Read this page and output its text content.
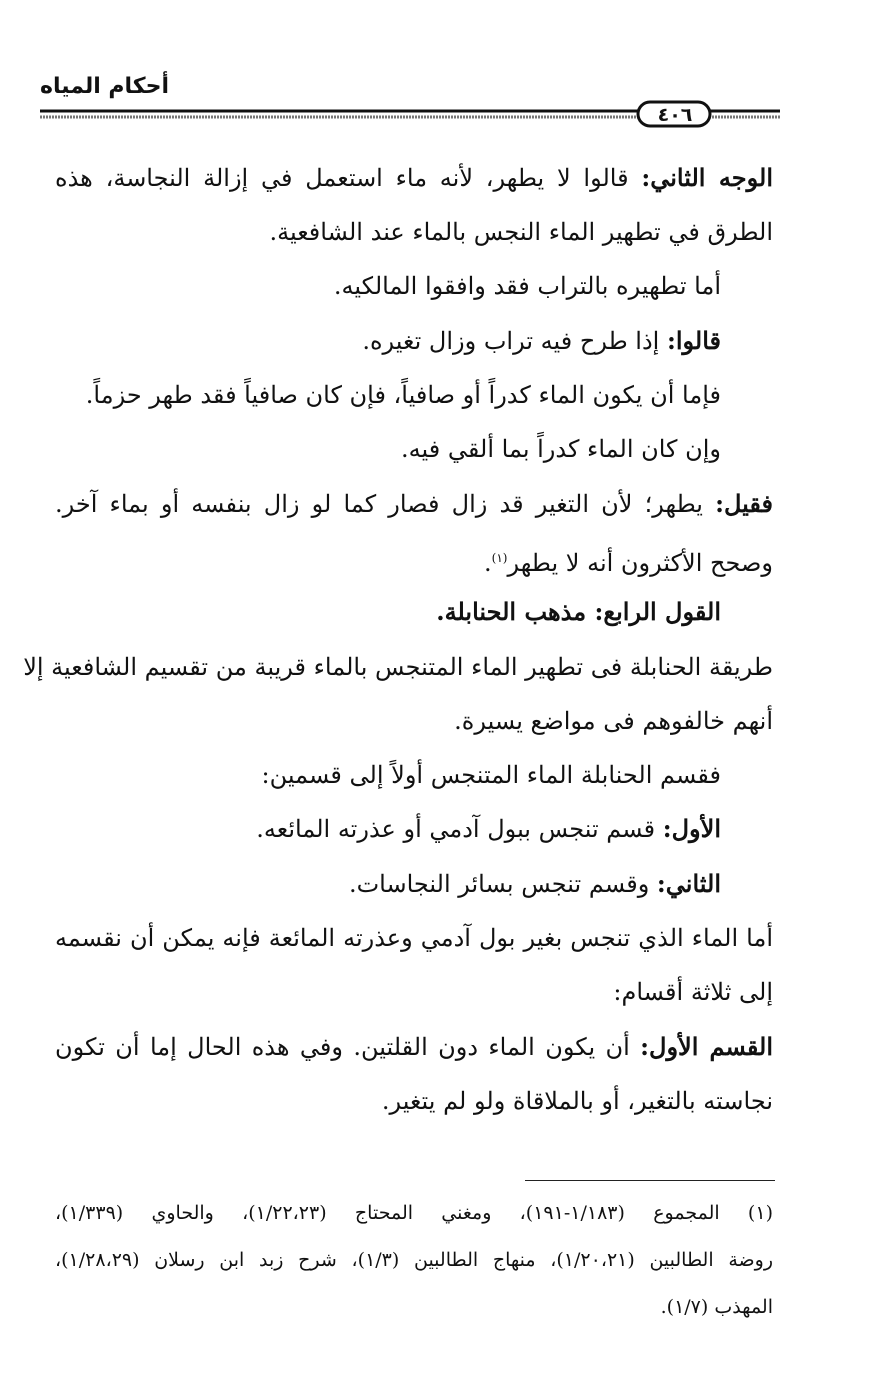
أحكام المياه
٤٠٦
الوجه الثاني: قالوا لا يطهر، لأنه ماء استعمل في إزالة النجاسة، هذه
الطرق في تطهير الماء النجس بالماء عند الشافعية.
أما تطهيره بالتراب فقد وافقوا المالكيه.
قالوا: إذا طرح فيه تراب وزال تغيره.
فإما أن يكون الماء كدراً أو صافياً، فإن كان صافياً فقد طهر حزماً.
وإن كان الماء كدراً بما ألقي فيه.
فقيل: يطهر؛ لأن التغير قد زال فصار كما لو زال بنفسه أو بماء آخر.
وصحح الأكثرون أنه لا يطهر$^{(١)}$.
القول الرابع: مذهب الحنابلة.
طريقة الحنابلة فى تطهير الماء المتنجس بالماء قريبة من تقسيم الشافعية إلا
أنهم خالفوهم فى مواضع يسيرة.
فقسم الحنابلة الماء المتنجس أولاً إلى قسمين:
الأول: قسم تنجس ببول آدمي أو عذرته المائعه.
الثاني: وقسم تنجس بسائر النجاسات.
أما الماء الذي تنجس بغير بول آدمي وعذرته المائعة فإنه يمكن أن نقسمه
إلى ثلاثة أقسام:
القسم الأول: أن يكون الماء دون القلتين. وفي هذه الحال إما أن تكون
نجاسته بالتغير، أو بالملاقاة ولو لم يتغير.
(١) المجموع (١/١٨٣-١٩١)، ومغني المحتاج (١/٢٢،٢٣)، والحاوي (١/٣٣٩)،
روضة الطالبين (١/٢٠،٢١)، منهاج الطالبين (١/٣)، شرح زبد ابن رسلان (١/٢٨،٢٩)،
المهذب (١/٧).
